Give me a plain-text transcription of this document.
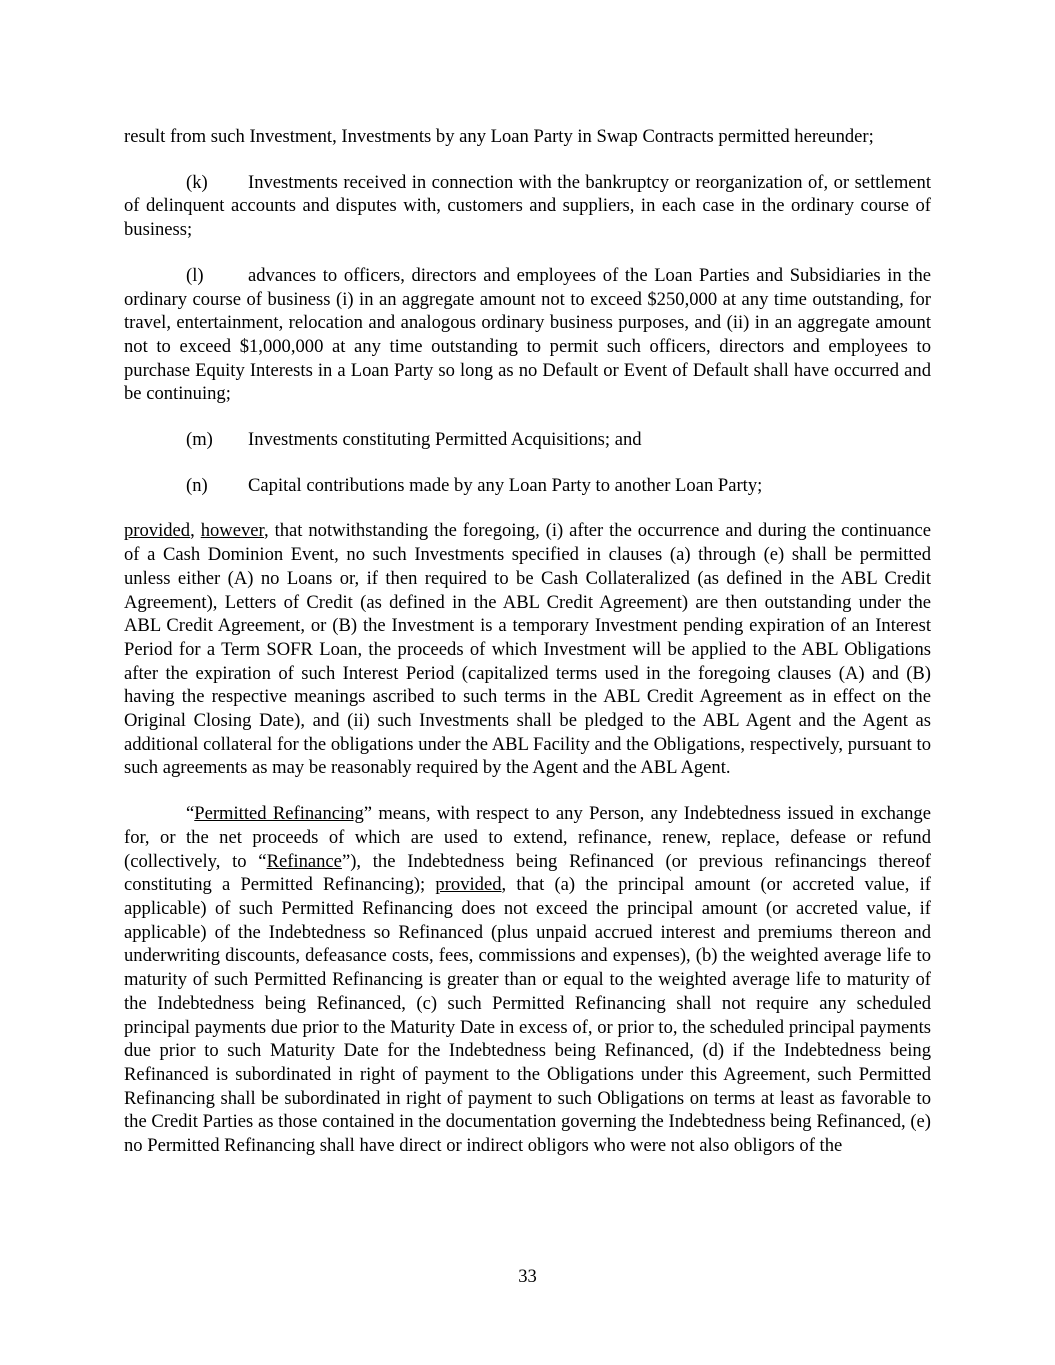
result from such Investment, Investments by any Loan Party in Swap Contracts permitted hereunder;

(k) Investments received in connection with the bankruptcy or reorganization of, or settlement of delinquent accounts and disputes with, customers and suppliers, in each case in the ordinary course of business;

(l) advances to officers, directors and employees of the Loan Parties and Subsidiaries in the ordinary course of business (i) in an aggregate amount not to exceed $250,000 at any time outstanding, for travel, entertainment, relocation and analogous ordinary business purposes, and (ii) in an aggregate amount not to exceed $1,000,000 at any time outstanding to permit such officers, directors and employees to purchase Equity Interests in a Loan Party so long as no Default or Event of Default shall have occurred and be continuing;

(m) Investments constituting Permitted Acquisitions; and

(n) Capital contributions made by any Loan Party to another Loan Party;

provided, however, that notwithstanding the foregoing, (i) after the occurrence and during the continuance of a Cash Dominion Event, no such Investments specified in clauses (a) through (e) shall be permitted unless either (A) no Loans or, if then required to be Cash Collateralized (as defined in the ABL Credit Agreement), Letters of Credit (as defined in the ABL Credit Agreement) are then outstanding under the ABL Credit Agreement, or (B) the Investment is a temporary Investment pending expiration of an Interest Period for a Term SOFR Loan, the proceeds of which Investment will be applied to the ABL Obligations after the expiration of such Interest Period (capitalized terms used in the foregoing clauses (A) and (B) having the respective meanings ascribed to such terms in the ABL Credit Agreement as in effect on the Original Closing Date), and (ii) such Investments shall be pledged to the ABL Agent and the Agent as additional collateral for the obligations under the ABL Facility and the Obligations, respectively, pursuant to such agreements as may be reasonably required by the Agent and the ABL Agent.

“Permitted Refinancing” means, with respect to any Person, any Indebtedness issued in exchange for, or the net proceeds of which are used to extend, refinance, renew, replace, defease or refund (collectively, to “Refinance”), the Indebtedness being Refinanced (or previous refinancings thereof constituting a Permitted Refinancing); provided, that (a) the principal amount (or accreted value, if applicable) of such Permitted Refinancing does not exceed the principal amount (or accreted value, if applicable) of the Indebtedness so Refinanced (plus unpaid accrued interest and premiums thereon and underwriting discounts, defeasance costs, fees, commissions and expenses), (b) the weighted average life to maturity of such Permitted Refinancing is greater than or equal to the weighted average life to maturity of the Indebtedness being Refinanced, (c) such Permitted Refinancing shall not require any scheduled principal payments due prior to the Maturity Date in excess of, or prior to, the scheduled principal payments due prior to such Maturity Date for the Indebtedness being Refinanced, (d) if the Indebtedness being Refinanced is subordinated in right of payment to the Obligations under this Agreement, such Permitted Refinancing shall be subordinated in right of payment to such Obligations on terms at least as favorable to the Credit Parties as those contained in the documentation governing the Indebtedness being Refinanced, (e) no Permitted Refinancing shall have direct or indirect obligors who were not also obligors of the

33
